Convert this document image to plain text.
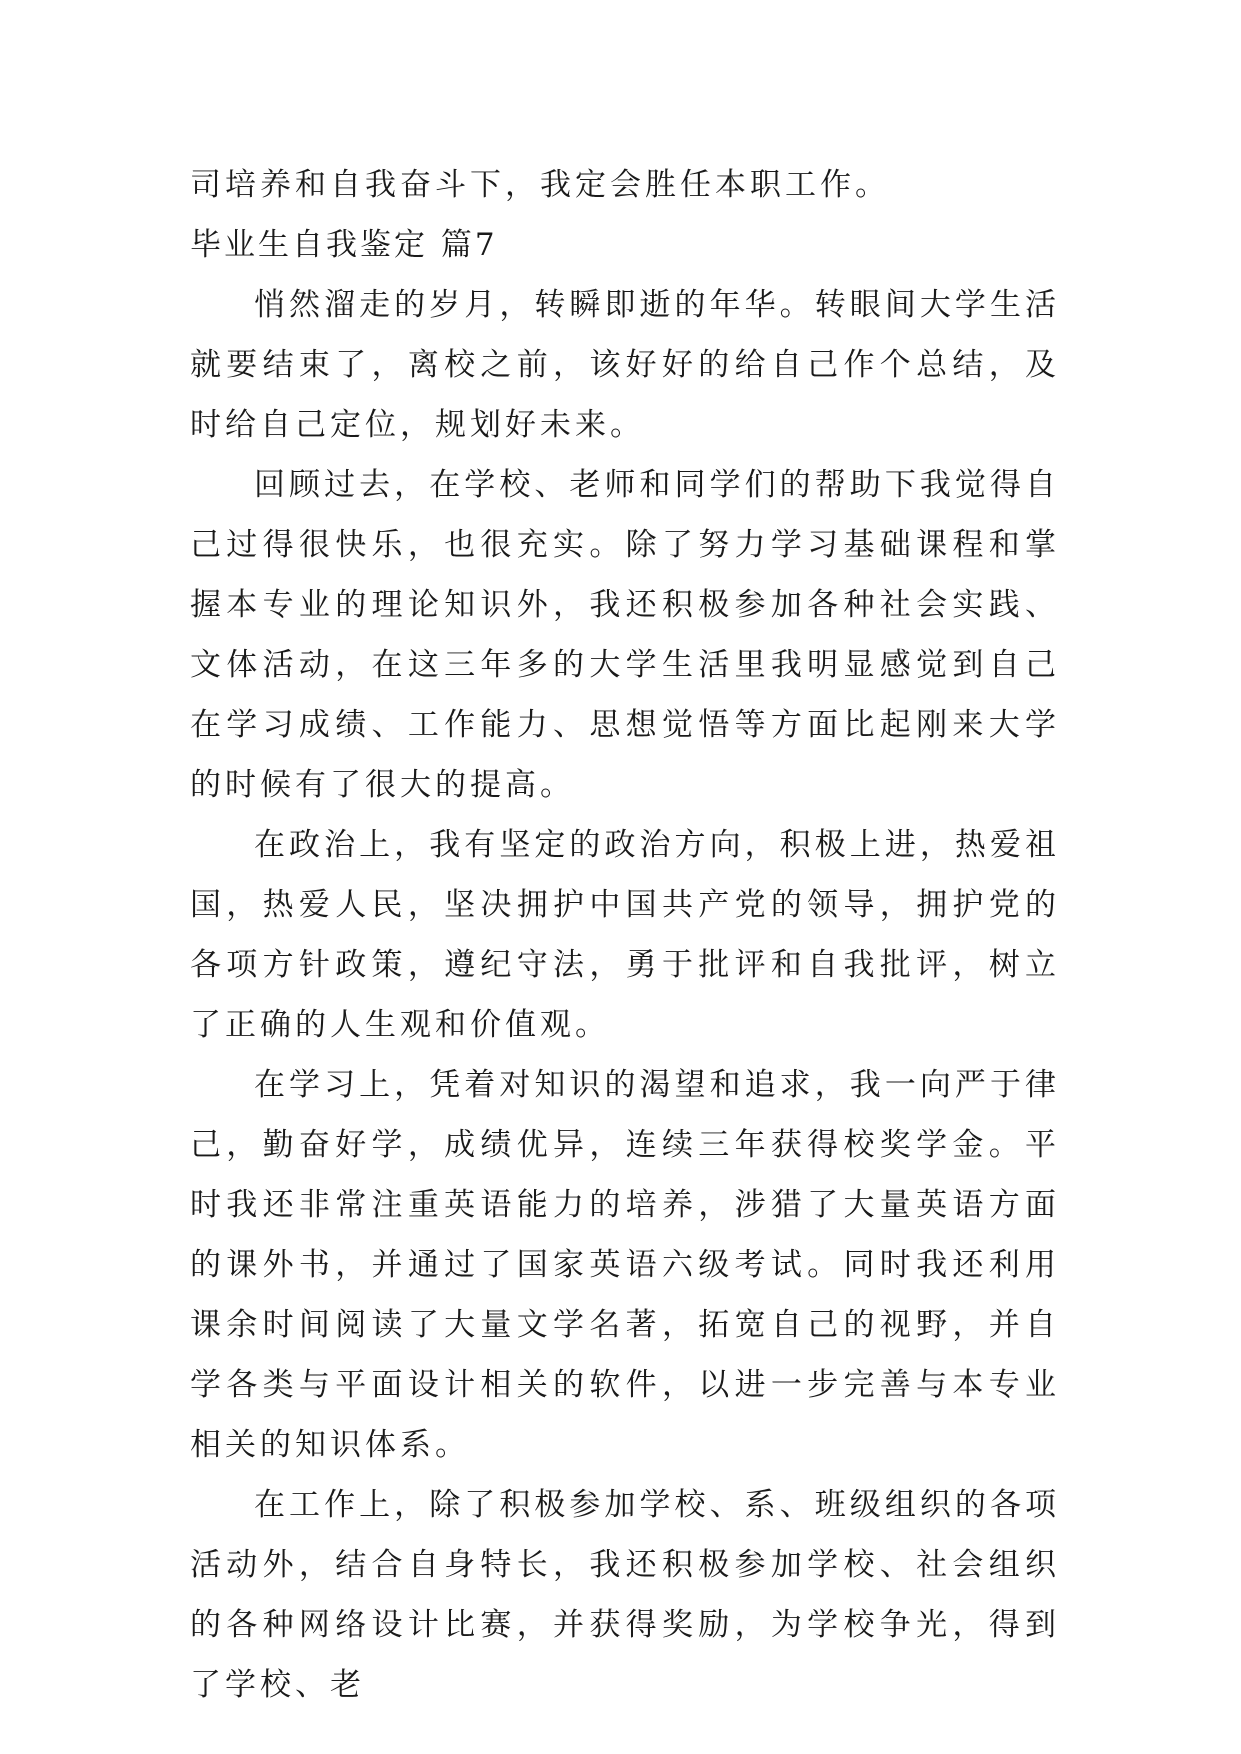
司培养和自我奋斗下，我定会胜任本职工作。

毕业生自我鉴定 篇7

悄然溜走的岁月，转瞬即逝的年华。转眼间大学生活就要结束了，离校之前，该好好的给自己作个总结，及时给自己定位，规划好未来。

回顾过去，在学校、老师和同学们的帮助下我觉得自己过得很快乐，也很充实。除了努力学习基础课程和掌握本专业的理论知识外，我还积极参加各种社会实践、文体活动，在这三年多的大学生活里我明显感觉到自己在学习成绩、工作能力、思想觉悟等方面比起刚来大学的时候有了很大的提高。

在政治上，我有坚定的政治方向，积极上进，热爱祖国，热爱人民，坚决拥护中国共产党的领导，拥护党的各项方针政策，遵纪守法，勇于批评和自我批评，树立了正确的人生观和价值观。

在学习上，凭着对知识的渴望和追求，我一向严于律己，勤奋好学，成绩优异，连续三年获得校奖学金。平时我还非常注重英语能力的培养，涉猎了大量英语方面的课外书，并通过了国家英语六级考试。同时我还利用课余时间阅读了大量文学名著，拓宽自己的视野，并自学各类与平面设计相关的软件，以进一步完善与本专业相关的知识体系。

在工作上，除了积极参加学校、系、班级组织的各项活动外，结合自身特长，我还积极参加学校、社会组织的各种网络设计比赛，并获得奖励，为学校争光，得到了学校、老
